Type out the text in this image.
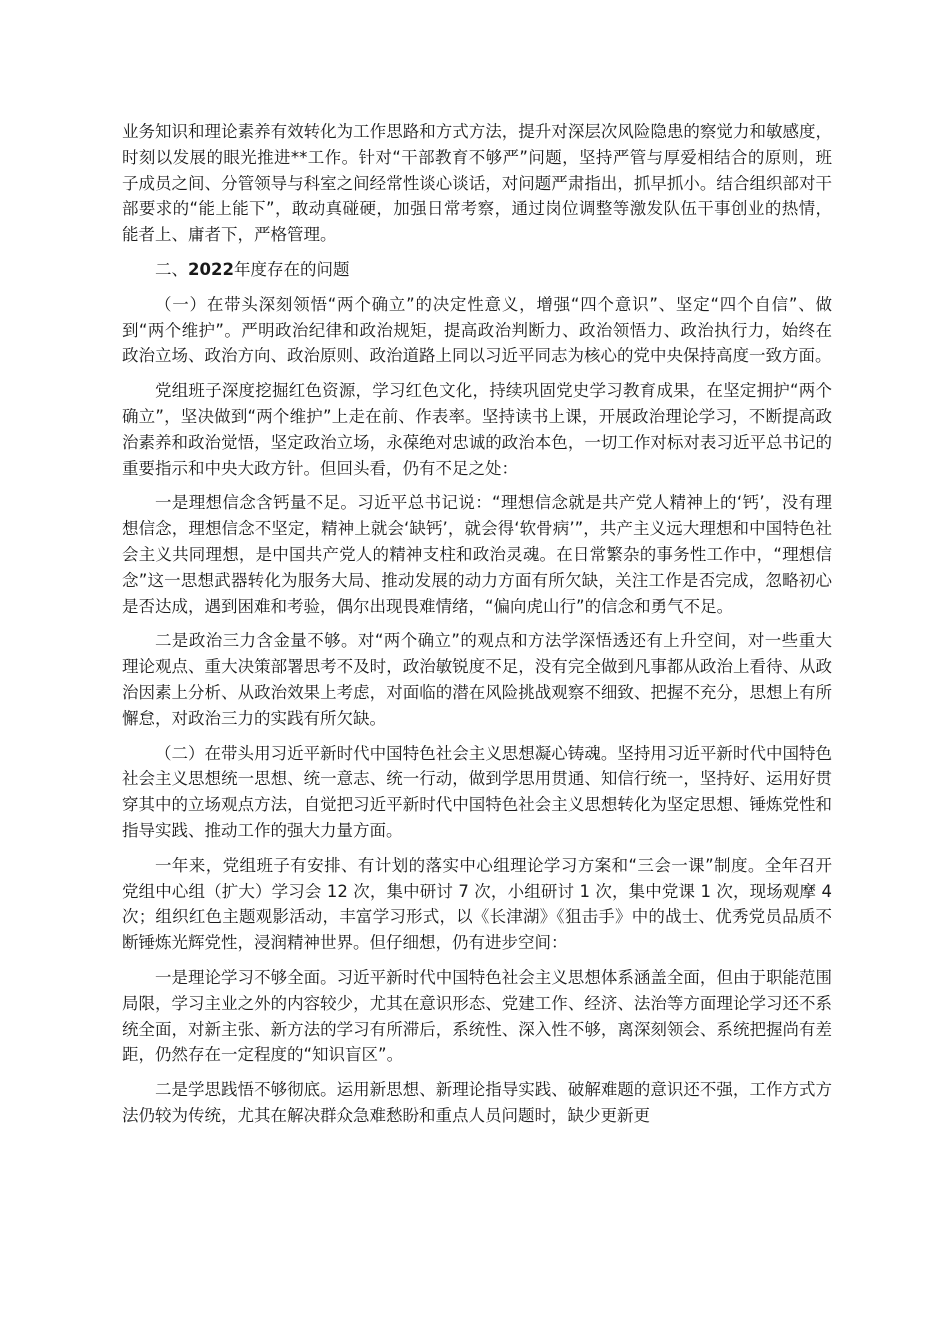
业务知识和理论素养有效转化为工作思路和方式方法，提升对深层次风险隐患的察觉力和敏感度，时刻以发展的眼光推进**工作。针对“干部教育不够严”问题，坚持严管与厚爱相结合的原则，班子成员之间、分管领导与科室之间经常性谈心谈话，对问题严肃指出，抓早抓小。结合组织部对干部要求的“能上能下”，敢动真碰硬，加强日常考察，通过岗位调整等激发队伍干事创业的热情，能者上、庸者下，严格管理。

二、2022年度存在的问题

（一）在带头深刻领悟“两个确立”的决定性意义，增强“四个意识”、坚定“四个自信”、做到“两个维护”。严明政治纪律和政治规矩，提高政治判断力、政治领悟力、政治执行力，始终在政治立场、政治方向、政治原则、政治道路上同以习近平同志为核心的党中央保持高度一致方面。

党组班子深度挖掘红色资源，学习红色文化，持续巩固党史学习教育成果，在坚定拥护“两个确立”，坚决做到“两个维护”上走在前、作表率。坚持读书上课，开展政治理论学习，不断提高政治素养和政治觉悟，坚定政治立场，永葆绝对忠诚的政治本色，一切工作对标对表习近平总书记的重要指示和中央大政方针。但回头看，仍有不足之处：

一是理想信念含钙量不足。习近平总书记说：“理想信念就是共产党人精神上的‘钙’，没有理想信念，理想信念不坚定，精神上就会‘缺钙’，就会得‘软骨病’”，共产主义远大理想和中国特色社会主义共同理想，是中国共产党人的精神支柱和政治灵魂。在日常繁杂的事务性工作中，“理想信念”这一思想武器转化为服务大局、推动发展的动力方面有所欠缺，关注工作是否完成，忽略初心是否达成，遇到困难和考验，偶尔出现畏难情绪，“偏向虎山行”的信念和勇气不足。

二是政治三力含金量不够。对“两个确立”的观点和方法学深悟透还有上升空间，对一些重大理论观点、重大决策部署思考不及时，政治敏锐度不足，没有完全做到凡事都从政治上看待、从政治因素上分析、从政治效果上考虑，对面临的潜在风险挑战观察不细致、把握不充分，思想上有所懈怠，对政治三力的实践有所欠缺。

（二）在带头用习近平新时代中国特色社会主义思想凝心铸魂。坚持用习近平新时代中国特色社会主义思想统一思想、统一意志、统一行动，做到学思用贯通、知信行统一，坚持好、运用好贯穿其中的立场观点方法，自觉把习近平新时代中国特色社会主义思想转化为坚定思想、锤炼党性和指导实践、推动工作的强大力量方面。

一年来，党组班子有安排、有计划的落实中心组理论学习方案和“三会一课”制度。全年召开党组中心组（扩大）学习会 12 次，集中研讨 7 次，小组研讨 1 次，集中党课 1 次，现场观摩 4 次；组织红色主题观影活动，丰富学习形式，以《长津湖》《狙击手》中的战士、优秀党员品质不断锤炼光辉党性，浸润精神世界。但仔细想，仍有进步空间：

一是理论学习不够全面。习近平新时代中国特色社会主义思想体系涵盖全面，但由于职能范围局限，学习主业之外的内容较少，尤其在意识形态、党建工作、经济、法治等方面理论学习还不系统全面，对新主张、新方法的学习有所滞后，系统性、深入性不够，离深刻领会、系统把握尚有差距，仍然存在一定程度的“知识盲区”。

二是学思践悟不够彻底。运用新思想、新理论指导实践、破解难题的意识还不强，工作方式方法仍较为传统，尤其在解决群众急难愁盼和重点人员问题时，缺少更新更
